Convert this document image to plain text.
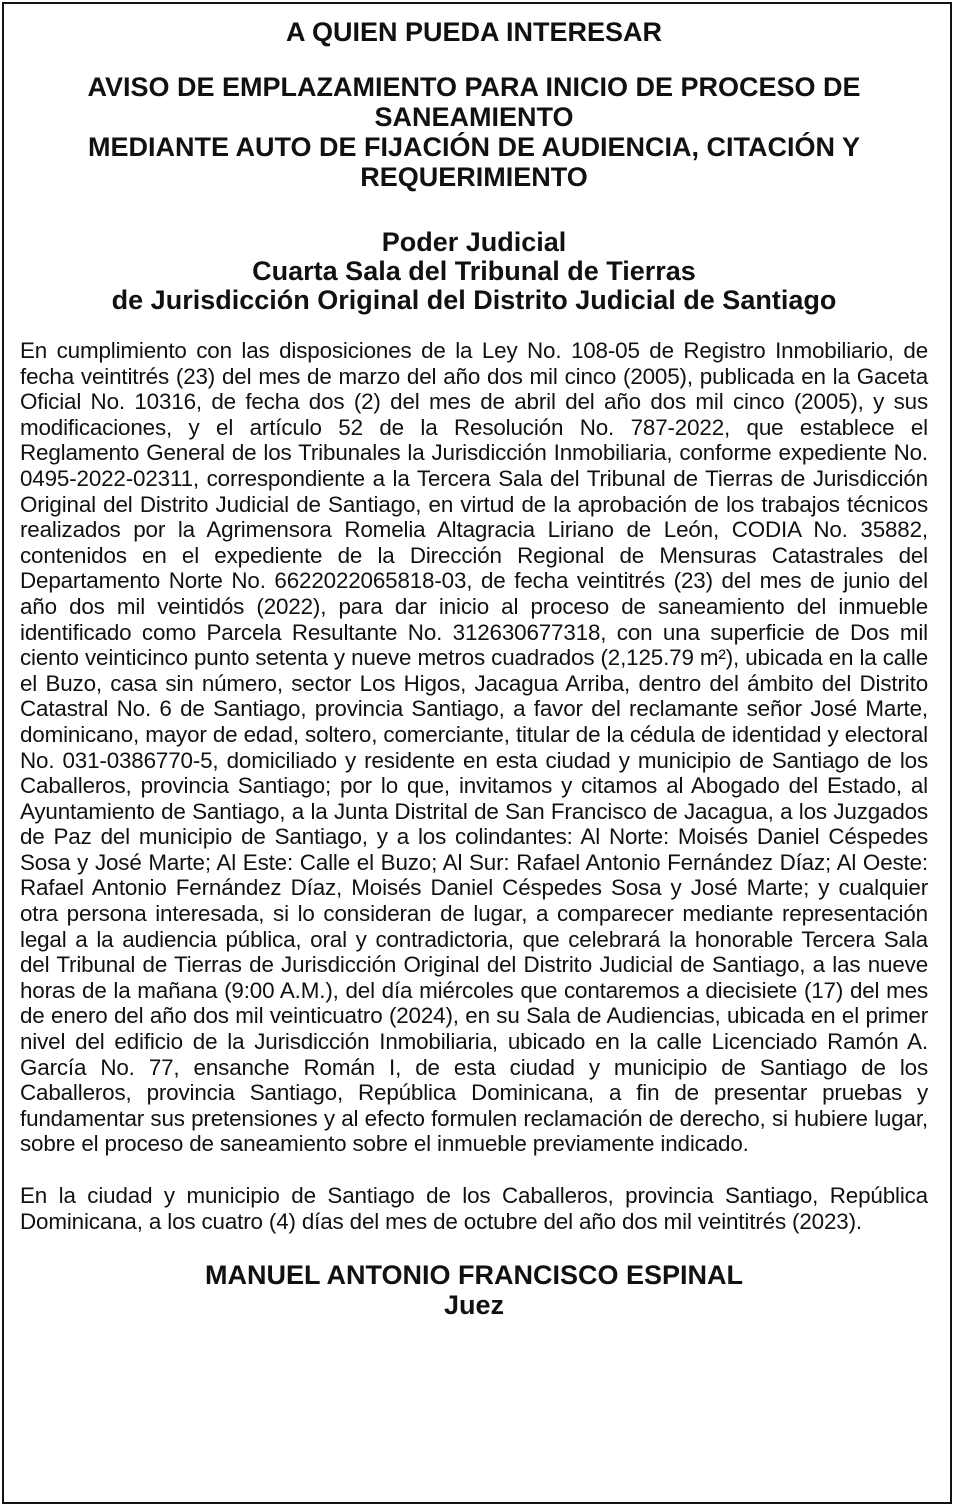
A QUIEN PUEDA INTERESAR
AVISO DE EMPLAZAMIENTO PARA INICIO DE PROCESO DE
SANEAMIENTO
MEDIANTE AUTO DE FIJACIÓN DE AUDIENCIA, CITACIÓN Y
REQUERIMIENTO
Poder Judicial
Cuarta Sala del Tribunal de Tierras
de Jurisdicción Original del Distrito Judicial de Santiago

En cumplimiento con las disposiciones de la Ley No. 108-05 de Registro Inmobiliario, de fecha veintitrés (23) del mes de marzo del año dos mil cinco (2005), publicada en la Gaceta Oficial No. 10316, de fecha dos (2) del mes de abril del año dos mil cinco (2005), y sus modificaciones, y el artículo 52 de la Resolución No. 787-2022, que establece el Reglamento General de los Tribunales la Jurisdicción Inmobiliaria, conforme expediente No. 0495-2022-02311, correspondiente a la Tercera Sala del Tribunal de Tierras de Jurisdicción Original del Distrito Judicial de Santiago, en virtud de la aprobación de los trabajos técnicos realizados por la Agrimensora Romelia Altagracia Liriano de León, CODIA No. 35882, contenidos en el expediente de la Dirección Regional de Mensuras Catastrales del Departamento Norte No. 6622022065818-03, de fecha veintitrés (23) del mes de junio del año dos mil veintidós (2022), para dar inicio al proceso de saneamiento del inmueble identificado como Parcela Resultante No. 312630677318, con una superficie de Dos mil ciento veinticinco punto setenta y nueve metros cuadrados (2,125.79 m²), ubicada en la calle el Buzo, casa sin número, sector Los Higos, Jacagua Arriba, dentro del ámbito del Distrito Catastral No. 6 de Santiago, provincia Santiago, a favor del reclamante señor José Marte, dominicano, mayor de edad, soltero, comerciante, titular de la cédula de identidad y electoral No. 031-0386770-5, domiciliado y residente en esta ciudad y municipio de Santiago de los Caballeros, provincia Santiago; por lo que, invitamos y citamos al Abogado del Estado, al Ayuntamiento de Santiago, a la Junta Distrital de San Francisco de Jacagua, a los Juzgados de Paz del municipio de Santiago, y a los colindantes: Al Norte: Moisés Daniel Céspedes Sosa y José Marte; Al Este: Calle el Buzo; Al Sur: Rafael Antonio Fernández Díaz; Al Oeste: Rafael Antonio Fernández Díaz, Moisés Daniel Céspedes Sosa y José Marte; y cualquier otra persona interesada, si lo consideran de lugar, a comparecer mediante representación legal a la audiencia pública, oral y contradictoria, que celebrará la honorable Tercera Sala del Tribunal de Tierras de Jurisdicción Original del Distrito Judicial de Santiago, a las nueve horas de la mañana (9:00 A.M.), del día miércoles que contaremos a diecisiete (17) del mes de enero del año dos mil veinticuatro (2024), en su Sala de Audiencias, ubicada en el primer nivel del edificio de la Jurisdicción Inmobiliaria, ubicado en la calle Licenciado Ramón A. García No. 77, ensanche Román I, de esta ciudad y municipio de Santiago de los Caballeros, provincia Santiago, República Dominicana, a fin de presentar pruebas y fundamentar sus pretensiones y al efecto formulen reclamación de derecho, si hubiere lugar, sobre el proceso de saneamiento sobre el inmueble previamente indicado.

En la ciudad y municipio de Santiago de los Caballeros, provincia Santiago, República Dominicana, a los cuatro (4) días del mes de octubre del año dos mil veintitrés (2023).

MANUEL ANTONIO FRANCISCO ESPINAL
Juez
